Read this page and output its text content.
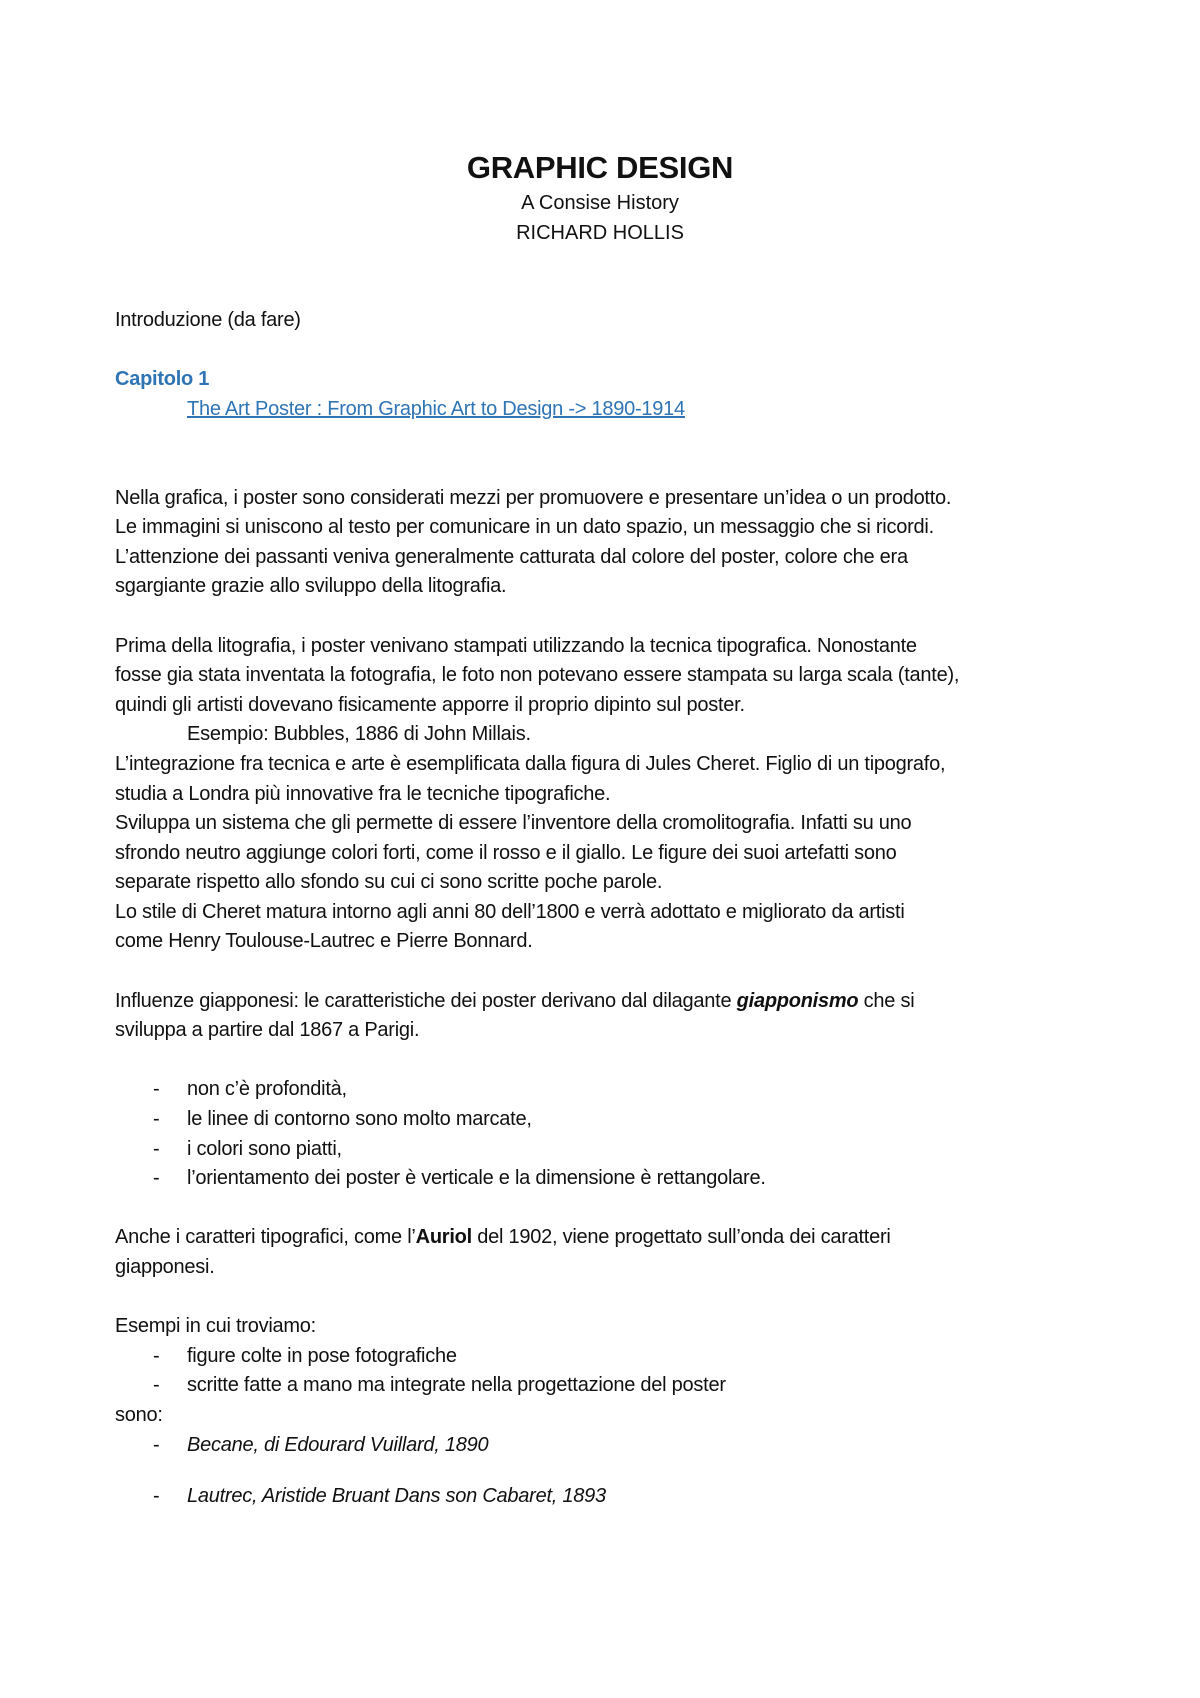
GRAPHIC DESIGN
A Consise History
RICHARD HOLLIS
Introduzione (da fare)
Capitolo 1
The Art Poster : From Graphic Art to Design -> 1890-1914
Nella grafica, i poster sono considerati mezzi per promuovere e presentare un’idea o un prodotto.
Le immagini si uniscono al testo per comunicare in un dato spazio, un messaggio che si ricordi.
L’attenzione dei passanti veniva generalmente catturata dal colore del poster, colore che era
sgargiante grazie allo sviluppo della litografia.
Prima della litografia, i poster venivano stampati utilizzando la tecnica tipografica. Nonostante
fosse gia stata inventata la fotografia, le foto non potevano essere stampata su larga scala (tante),
quindi gli artisti dovevano fisicamente apporre il proprio dipinto sul poster.
Esempio: Bubbles, 1886 di John Millais.
L’integrazione fra tecnica e arte è esemplificata dalla figura di Jules Cheret. Figlio di un tipografo,
studia a Londra più innovative fra le tecniche tipografiche.
Sviluppa un sistema che gli permette di essere l’inventore della cromolitografia. Infatti su uno
sfrondo neutro aggiunge colori forti, come il rosso e il giallo. Le figure dei suoi artefatti sono
separate rispetto allo sfondo su cui ci sono scritte poche parole.
Lo stile di Cheret matura intorno agli anni 80 dell’1800 e verrà adottato e migliorato da artisti
come Henry Toulouse-Lautrec e Pierre Bonnard.
Influenze giapponesi: le caratteristiche dei poster derivano dal dilagante giapponismo che si
sviluppa a partire dal 1867 a Parigi.
-	non c’è profondità,
-	le linee di contorno sono molto marcate,
-	i colori sono piatti,
-	l’orientamento dei poster è verticale e la dimensione è rettangolare.
Anche i caratteri tipografici, come l’Auriol del 1902, viene progettato sull’onda dei caratteri
giapponesi.
Esempi in cui troviamo:
-	figure colte in pose fotografiche
-	scritte fatte a mano ma integrate nella progettazione del poster
sono:
-	Becane, di Edourard Vuillard, 1890
-	Lautrec, Aristide Bruant Dans son Cabaret, 1893
